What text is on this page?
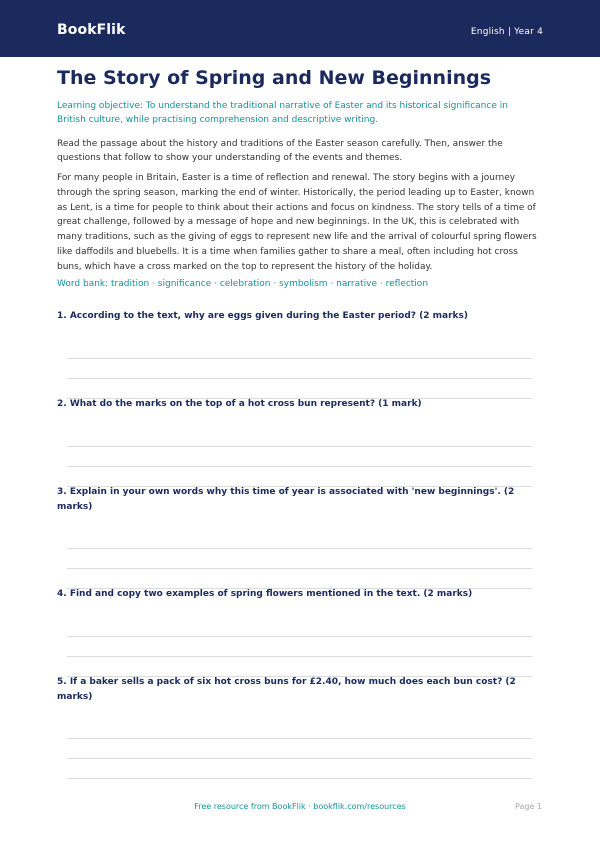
BookFlik	English | Year 4
The Story of Spring and New Beginnings
Learning objective: To understand the traditional narrative of Easter and its historical significance in British culture, while practising comprehension and descriptive writing.
Read the passage about the history and traditions of the Easter season carefully. Then, answer the questions that follow to show your understanding of the events and themes.
For many people in Britain, Easter is a time of reflection and renewal. The story begins with a journey through the spring season, marking the end of winter. Historically, the period leading up to Easter, known as Lent, is a time for people to think about their actions and focus on kindness. The story tells of a time of great challenge, followed by a message of hope and new beginnings. In the UK, this is celebrated with many traditions, such as the giving of eggs to represent new life and the arrival of colourful spring flowers like daffodils and bluebells. It is a time when families gather to share a meal, often including hot cross buns, which have a cross marked on the top to represent the history of the holiday.
Word bank: tradition · significance · celebration · symbolism · narrative · reflection
1. According to the text, why are eggs given during the Easter period? (2 marks)
2. What do the marks on the top of a hot cross bun represent? (1 mark)
3. Explain in your own words why this time of year is associated with 'new beginnings'. (2 marks)
4. Find and copy two examples of spring flowers mentioned in the text. (2 marks)
5. If a baker sells a pack of six hot cross buns for £2.40, how much does each bun cost? (2 marks)
Free resource from BookFlik · bookflik.com/resources	Page 1
